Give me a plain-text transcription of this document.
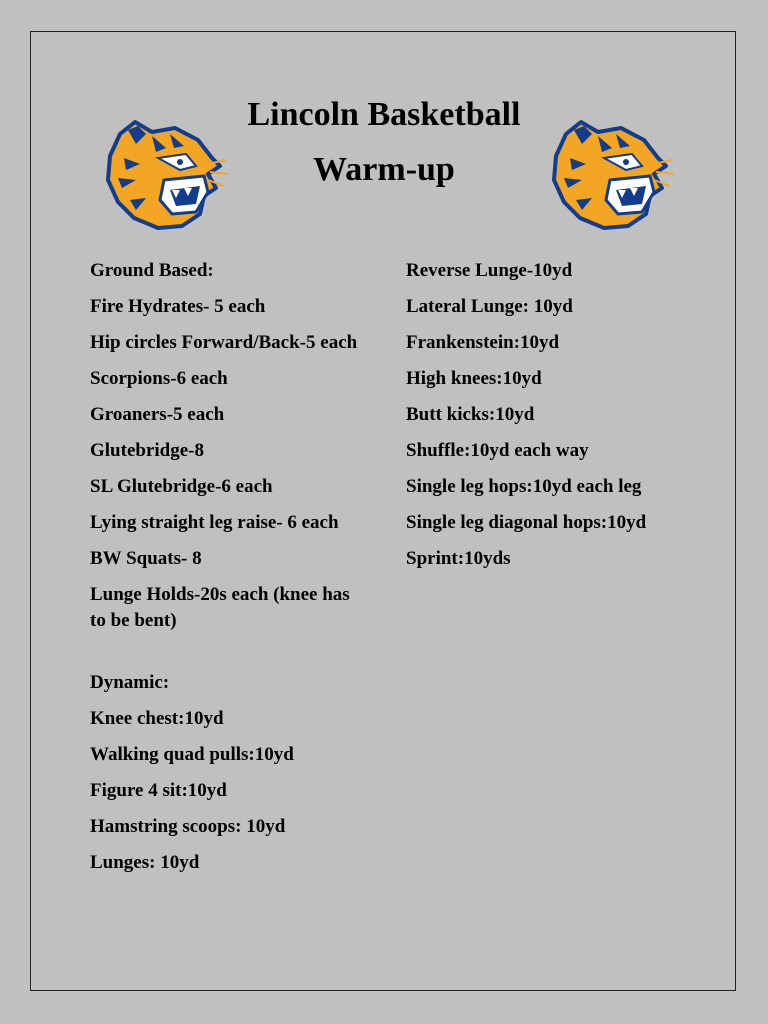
Lincoln Basketball
Warm-up
Ground Based:
Fire Hydrates- 5 each
Hip circles Forward/Back-5 each
Scorpions-6 each
Groaners-5 each
Glutebridge-8
SL Glutebridge-6 each
Lying straight leg raise- 6 each
BW Squats- 8
Lunge Holds-20s each (knee has to be bent)
Dynamic:
Knee chest:10yd
Walking quad pulls:10yd
Figure 4 sit:10yd
Hamstring scoops: 10yd
Lunges: 10yd
Reverse Lunge-10yd
Lateral Lunge: 10yd
Frankenstein:10yd
High knees:10yd
Butt kicks:10yd
Shuffle:10yd each way
Single leg hops:10yd each leg
Single leg diagonal hops:10yd
Sprint:10yds
